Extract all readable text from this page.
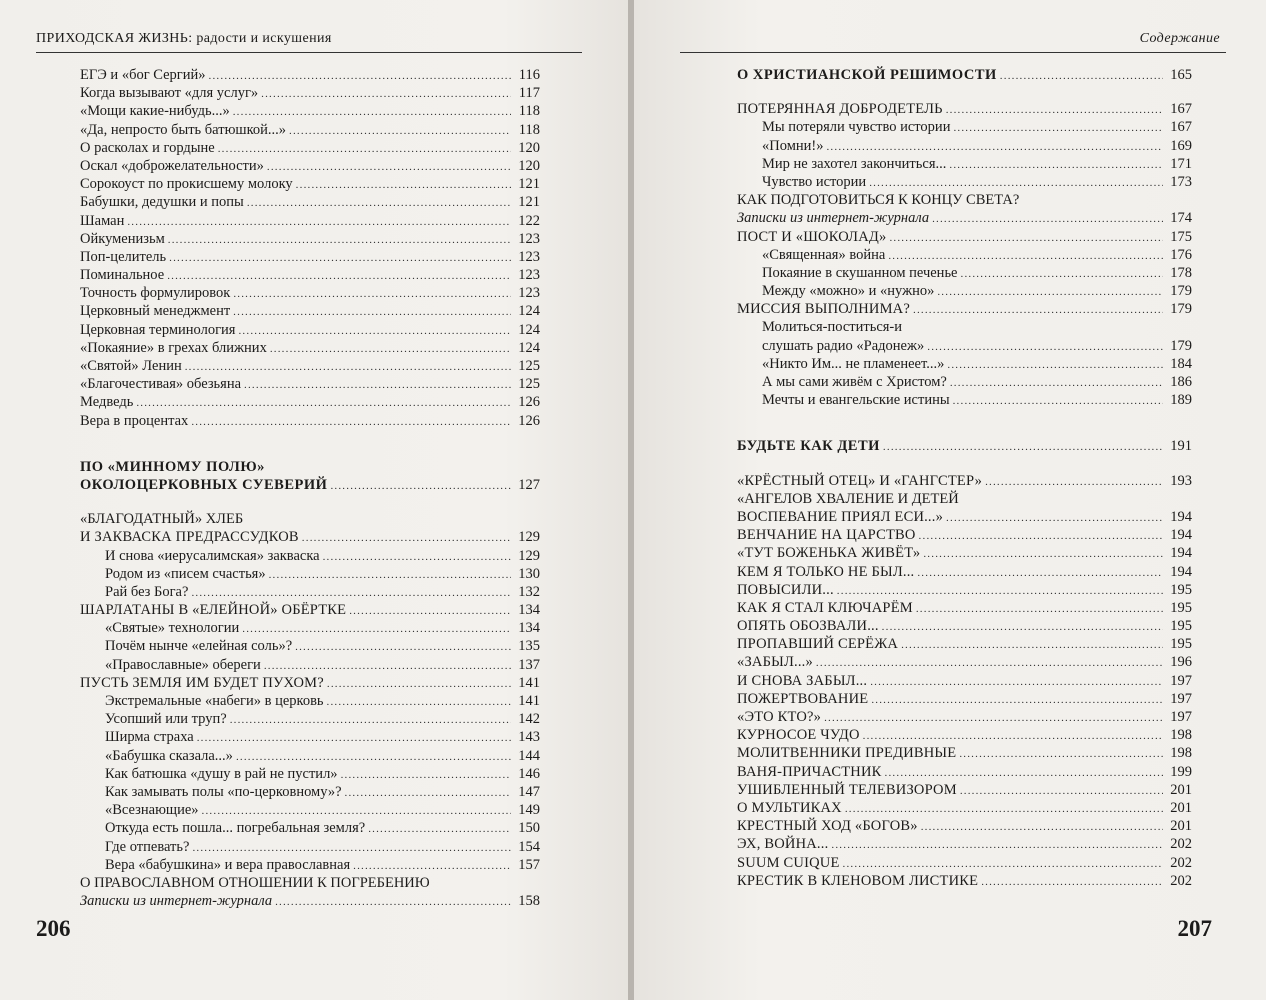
ПРИХОДСКАЯ ЖИЗНЬ: радости и искушения
ЕГЭ и «бог Сергий» .....	116
Когда вызывают «для услуг» .....	117
«Мощи какие-нибудь...» .....	118
«Да, непросто быть батюшкой...» .....	118
О расколах и гордыне .....	120
Оскал «доброжелательности» .....	120
Сорокоуст по прокисшему молоку .....	121
Бабушки, дедушки и попы .....	121
Шаман .....	122
Ойкуменизьм .....	123
Поп-целитель .....	123
Поминальное .....	123
Точность формулировок .....	123
Церковный менеджмент .....	124
Церковная терминология .....	124
«Покаяние» в грехах ближних .....	124
«Святой» Ленин .....	125
«Благочестивая» обезьяна .....	125
Медведь .....	126
Вера в процентах .....	126
ПО «МИННОМУ ПОЛЮ»
ОКОЛОЦЕРКОВНЫХ СУЕВЕРИЙ .....	127
«БЛАГОДАТНЫЙ» ХЛЕБ
И ЗАКВАСКА ПРЕДРАССУДКОВ .....	129
И снова «иерусалимская» закваска .....	129
Родом из «писем счастья» .....	130
Рай без Бога? .....	132
ШАРЛАТАНЫ В «ЕЛЕЙНОЙ» ОБЁРТКЕ .....	134
«Святые» технологии .....	134
Почём нынче «елейная соль»? .....	135
«Православные» обереги .....	137
ПУСТЬ ЗЕМЛЯ ИМ БУДЕТ ПУХОМ? .....	141
Экстремальные «набеги» в церковь .....	141
Усопший или труп? .....	142
Ширма страха .....	143
«Бабушка сказала...» .....	144
Как батюшка «душу в рай не пустил» .....	146
Как замывать полы «по-церковному»? .....	147
«Всезнающие» .....	149
Откуда есть пошла... погребальная земля? .....	150
Где отпевать? .....	154
Вера «бабушкина» и вера православная .....	157
О ПРАВОСЛАВНОМ ОТНОШЕНИИ К ПОГРЕБЕНИЮ
Записки из интернет-журнала .....	158
206
Содержание
О ХРИСТИАНСКОЙ РЕШИМОСТИ .....	165
ПОТЕРЯННАЯ ДОБРОДЕТЕЛЬ .....	167
Мы потеряли чувство истории .....	167
«Помни!» .....	169
Мир не захотел закончиться... .....	171
Чувство истории .....	173
КАК ПОДГОТОВИТЬСЯ К КОНЦУ СВЕТА?
Записки из интернет-журнала .....	174
ПОСТ И «ШОКОЛАД» .....	175
«Священная» война .....	176
Покаяние в скушанном печенье .....	178
Между «можно» и «нужно» .....	179
МИССИЯ ВЫПОЛНИМА? .....	179
Молиться-поститься-и
слушать радио «Радонеж» .....	179
«Никто Им... не пламенеет...» .....	184
А мы сами живём с Христом? .....	186
Мечты и евангельские истины .....	189
БУДЬТЕ КАК ДЕТИ .....	191
«КРЁСТНЫЙ ОТЕЦ» И «ГАНГСТЕР» .....	193
«АНГЕЛОВ ХВАЛЕНИЕ И ДЕТЕЙ
ВОСПЕВАНИЕ ПРИЯЛ ЕСИ...» .....	194
ВЕНЧАНИЕ НА ЦАРСТВО .....	194
«ТУТ БОЖЕНЬКА ЖИВЁТ» .....	194
КЕМ Я ТОЛЬКО НЕ БЫЛ... .....	194
ПОВЫСИЛИ... .....	195
КАК Я СТАЛ КЛЮЧАРЁМ .....	195
ОПЯТЬ ОБОЗВАЛИ... .....	195
ПРОПАВШИЙ СЕРЁЖА .....	195
«ЗАБЫЛ...» .....	196
И СНОВА ЗАБЫЛ... .....	197
ПОЖЕРТВОВАНИЕ .....	197
«ЭТО КТО?» .....	197
КУРНОСОЕ ЧУДО .....	198
МОЛИТВЕННИКИ ПРЕДИВНЫЕ .....	198
ВАНЯ-ПРИЧАСТНИК .....	199
УШИБЛЕННЫЙ ТЕЛЕВИЗОРОМ .....	201
О МУЛЬТИКАХ .....	201
КРЕСТНЫЙ ХОД «БОГОВ» .....	201
ЭХ, ВОЙНА... .....	202
SUUM CUIQUE .....	202
КРЕСТИК В КЛЕНОВОМ ЛИСТИКЕ .....	202
207
